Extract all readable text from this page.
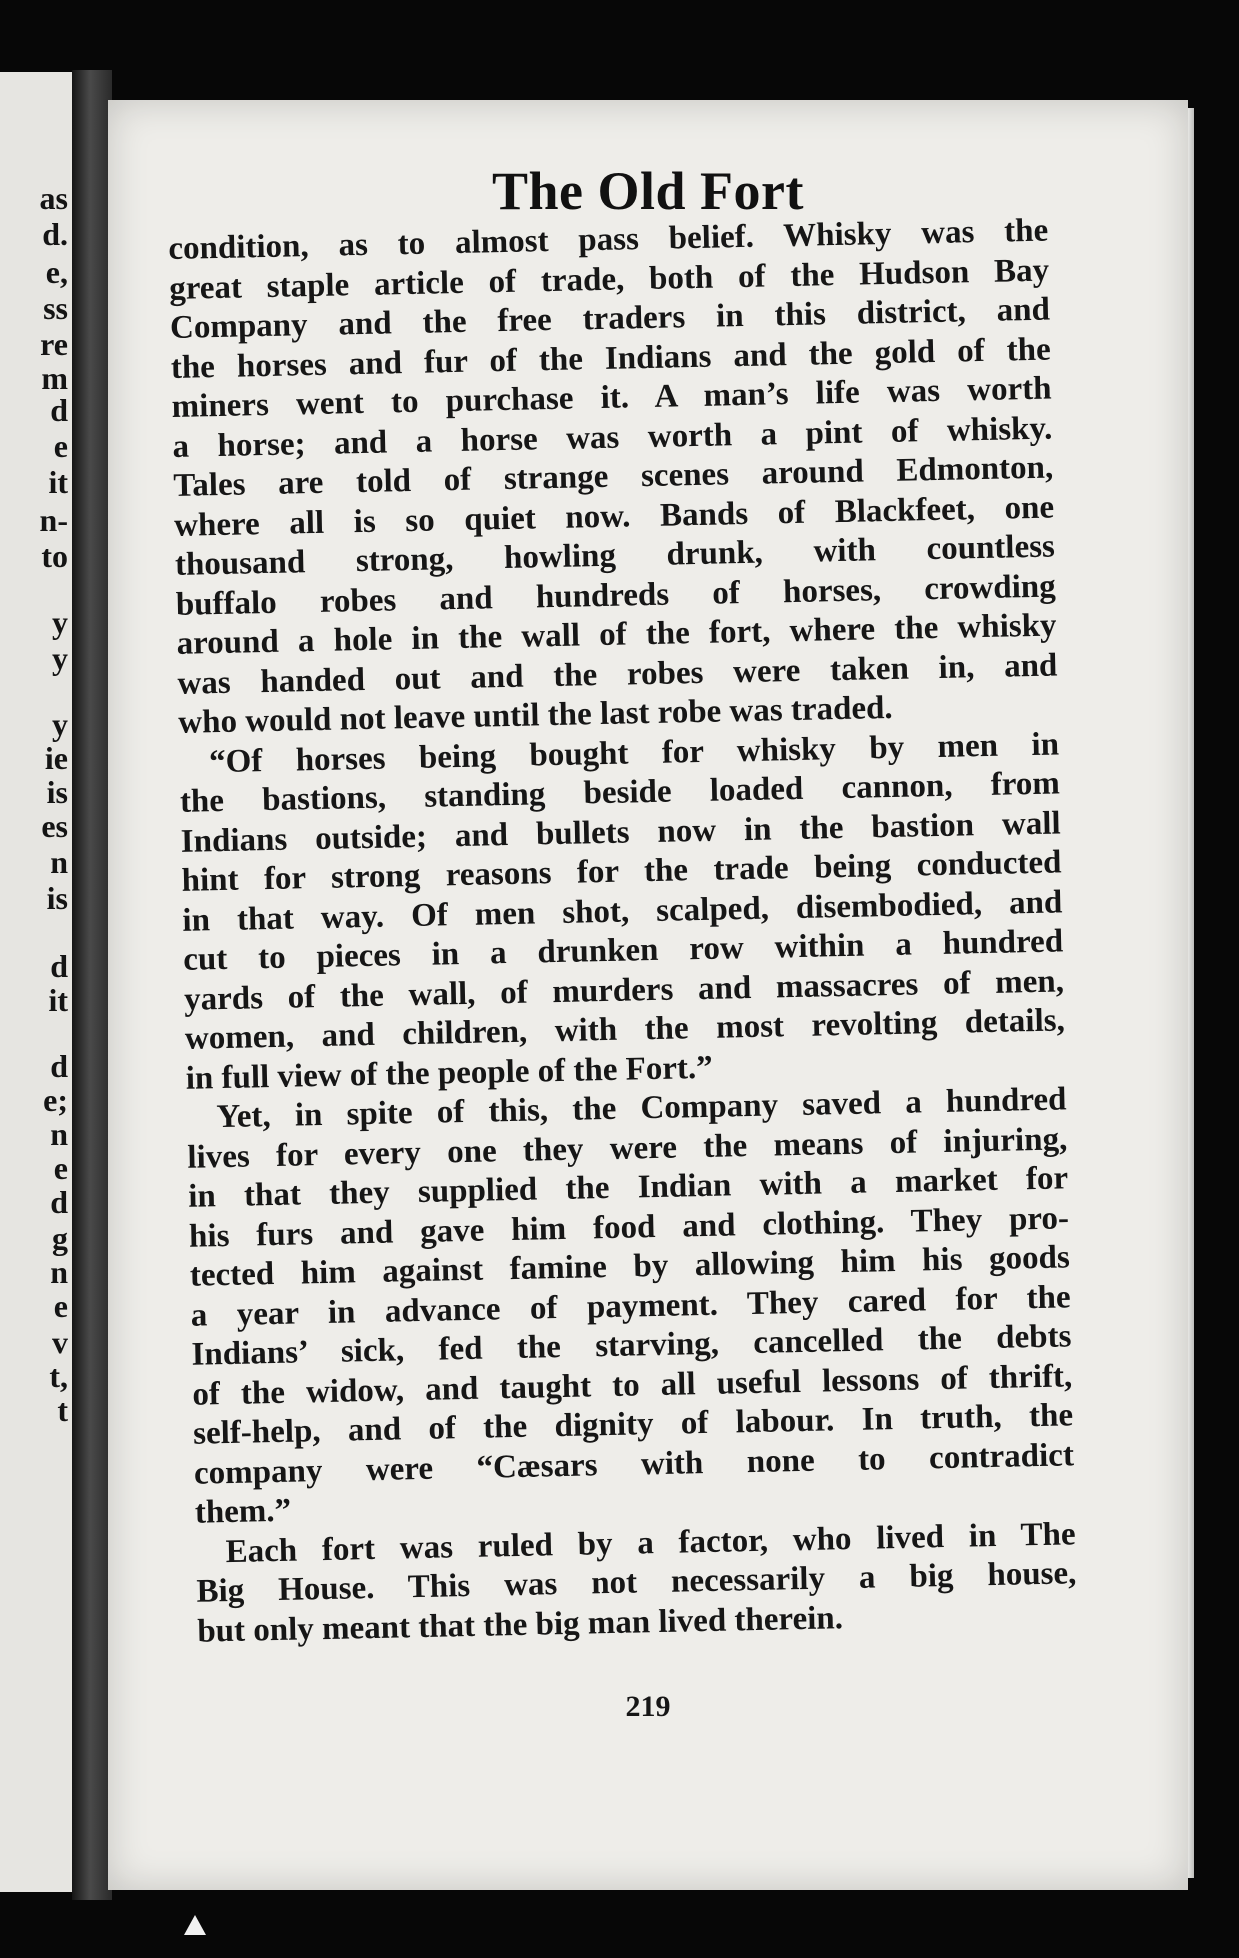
as
d.
e,
ss
re
m
d
e
it
n-
to
y
y
y
ie
is
es
n
is
d
it
d
e;
n
e
d
g
n
e
v
t,
t
The Old Fort
condition, as to almost pass belief. Whisky was the
great staple article of trade, both of the Hudson Bay
Company and the free traders in this district, and
the horses and fur of the Indians and the gold of the
miners went to purchase it. A man’s life was worth
a horse; and a horse was worth a pint of whisky.
Tales are told of strange scenes around Edmonton,
where all is so quiet now. Bands of Blackfeet, one
thousand strong, howling drunk, with countless
buffalo robes and hundreds of horses, crowding
around a hole in the wall of the fort, where the whisky
was handed out and the robes were taken in, and
who would not leave until the last robe was traded.
“Of horses being bought for whisky by men in
the bastions, standing beside loaded cannon, from
Indians outside; and bullets now in the bastion wall
hint for strong reasons for the trade being conducted
in that way. Of men shot, scalped, disembodied, and
cut to pieces in a drunken row within a hundred
yards of the wall, of murders and massacres of men,
women, and children, with the most revolting details,
in full view of the people of the Fort.”
Yet, in spite of this, the Company saved a hundred
lives for every one they were the means of injuring,
in that they supplied the Indian with a market for
his furs and gave him food and clothing. They pro-
tected him against famine by allowing him his goods
a year in advance of payment. They cared for the
Indians’ sick, fed the starving, cancelled the debts
of the widow, and taught to all useful lessons of thrift,
self-help, and of the dignity of labour. In truth, the
company were “Cæsars with none to contradict
them.”
Each fort was ruled by a factor, who lived in The
Big House. This was not necessarily a big house,
but only meant that the big man lived therein.
219
